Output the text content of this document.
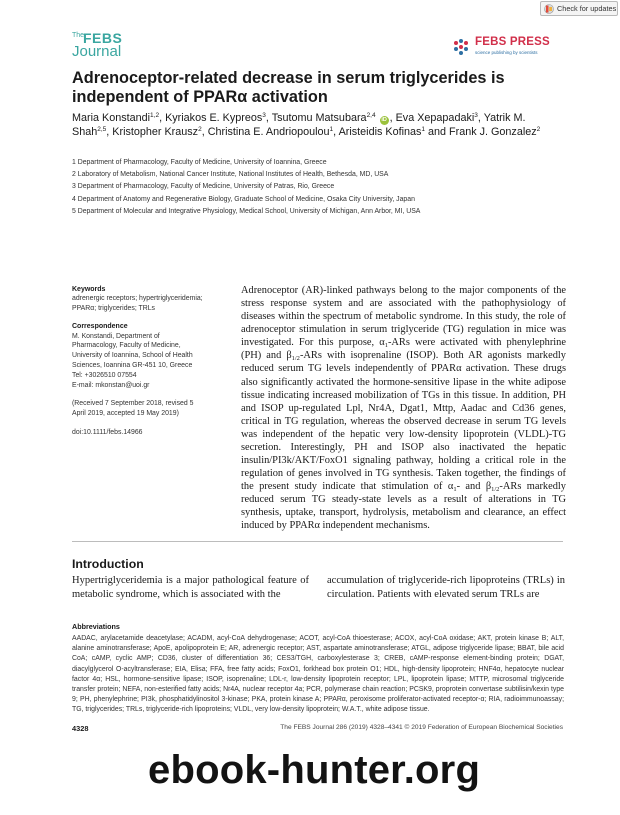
Check for updates
The
FEBS
Journal
FEBS PRESS
science publishing by scientists
Adrenoceptor-related decrease in serum triglycerides is
independent of PPARα activation
Maria Konstandi$^{1,2}$, Kyriakos E. Kypreos$^3$, Tsutomu Matsubara$^{2,4}$ iD , Eva Xepapadaki$^3$, Yatrik M. Shah$^{2,5}$, Kristopher Krausz$^2$, Christina E. Andriopoulou$^1$, Aristeidis Kofinas$^1$ and Frank J. Gonzalez$^2$
1 Department of Pharmacology, Faculty of Medicine, University of Ioannina, Greece
2 Laboratory of Metabolism, National Cancer Institute, National Institutes of Health, Bethesda, MD, USA
3 Department of Pharmacology, Faculty of Medicine, University of Patras, Rio, Greece
4 Department of Anatomy and Regenerative Biology, Graduate School of Medicine, Osaka City University, Japan
5 Department of Molecular and Integrative Physiology, Medical School, University of Michigan, Ann Arbor, MI, USA
Keywords
adrenergic receptors; hypertriglyceridemia; PPARα; triglycerides; TRLs
Correspondence
M. Konstandi, Department of
Pharmacology, Faculty of Medicine,
University of Ioannina, School of Health
Sciences, Ioannina GR-451 10, Greece
Tel: +3026510 07554
E-mail: mkonstan@uoi.gr
(Received 7 September 2018, revised 5
April 2019, accepted 19 May 2019)
doi:10.1111/febs.14966
Adrenoceptor (AR)-linked pathways belong to the major components of the stress response system and are associated with the pathophysiology of diseases within the spectrum of metabolic syndrome. In this study, the role of adrenoceptor stimulation in serum triglyceride (TG) regulation in mice was investigated. For this purpose, $\alpha_1$-ARs were activated with phenylephrine (PH) and $\beta_{1/2}$-ARs with isoprenaline (ISOP). Both AR agonists markedly reduced serum TG levels independently of PPARα activation. These drugs also significantly activated the hormone-sensitive lipase in the white adipose tissue indicating increased mobilization of TGs in this tissue. In addition, PH and ISOP up-regulated Lpl, Nr4A, Dgat1, Mttp, Aadac and Cd36 genes, critical in TG regulation, whereas the observed decrease in serum TG levels was independent of the hepatic very low-density lipoprotein (VLDL)-TG secretion. Interestingly, PH and ISOP also inactivated the hepatic insulin/PI3k/AKT/FoxO1 signaling pathway, holding a critical role in the regulation of genes involved in TG synthesis. Taken together, the findings of the present study indicate that stimulation of $\alpha_1-$ and $\beta_{1/2}$-ARs markedly reduced serum TG steady-state levels as a result of alterations in TG synthesis, uptake, transport, hydrolysis, metabolism and clearance, an effect induced by PPARα independent mechanisms.
Introduction

Hypertriglyceridemia is a major pathological feature of metabolic syndrome, which is associated with the

accumulation of triglyceride-rich lipoproteins (TRLs) in circulation. Patients with elevated serum TRLs are

Abbreviations

AADAC, arylacetamide deacetylase; ACADM, acyl-CoA dehydrogenase; ACOT, acyl-CoA thioesterase; ACOX, acyl-CoA oxidase; AKT, protein kinase B; ALT, alanine aminotransferase; ApoE, apolipoprotein E; AR, adrenergic receptor; AST, aspartate aminotransferase; ATGL, adipose triglyceride lipase; BBAT, bile acid CoA; cAMP, cyclic AMP; CD36, cluster of differentiation 36; CES3/TGH, carboxylesterase 3; CREB, cAMP-response element-binding protein; DGAT, diacylglycerol O-acyltransferase; EIA, Elisa; FFA, free fatty acids; FoxO1, forkhead box protein O1; HDL, high-density lipoprotein; HNF4α, hepatocyte nuclear factor 4α; HSL, hormone-sensitive lipase; ISOP, isoprenaline; LDL-r, low-density lipoprotein receptor; LPL, lipoprotein lipase; MTTP, microsomal triglyceride transfer protein; NEFA, non-esterified fatty acids; Nr4A, nuclear receptor 4a; PCR, polymerase chain reaction; PCSK9, proprotein convertase subtilisin/kexin type 9; PH, phenylephrine; PI3k, phosphatidylinositol 3-kinase; PKA, protein kinase A; PPARα, peroxisome proliferator-activated receptor-α; RIA, radioimmunoassay; TG, triglycerides; TRLs, triglyceride-rich lipoproteins; VLDL, very low-density lipoprotein; W.A.T., white adipose tissue.

4328	The FEBS Journal 286 (2019) 4328–4341 © 2019 Federation of European Biochemical Societies
ebook-hunter.org
